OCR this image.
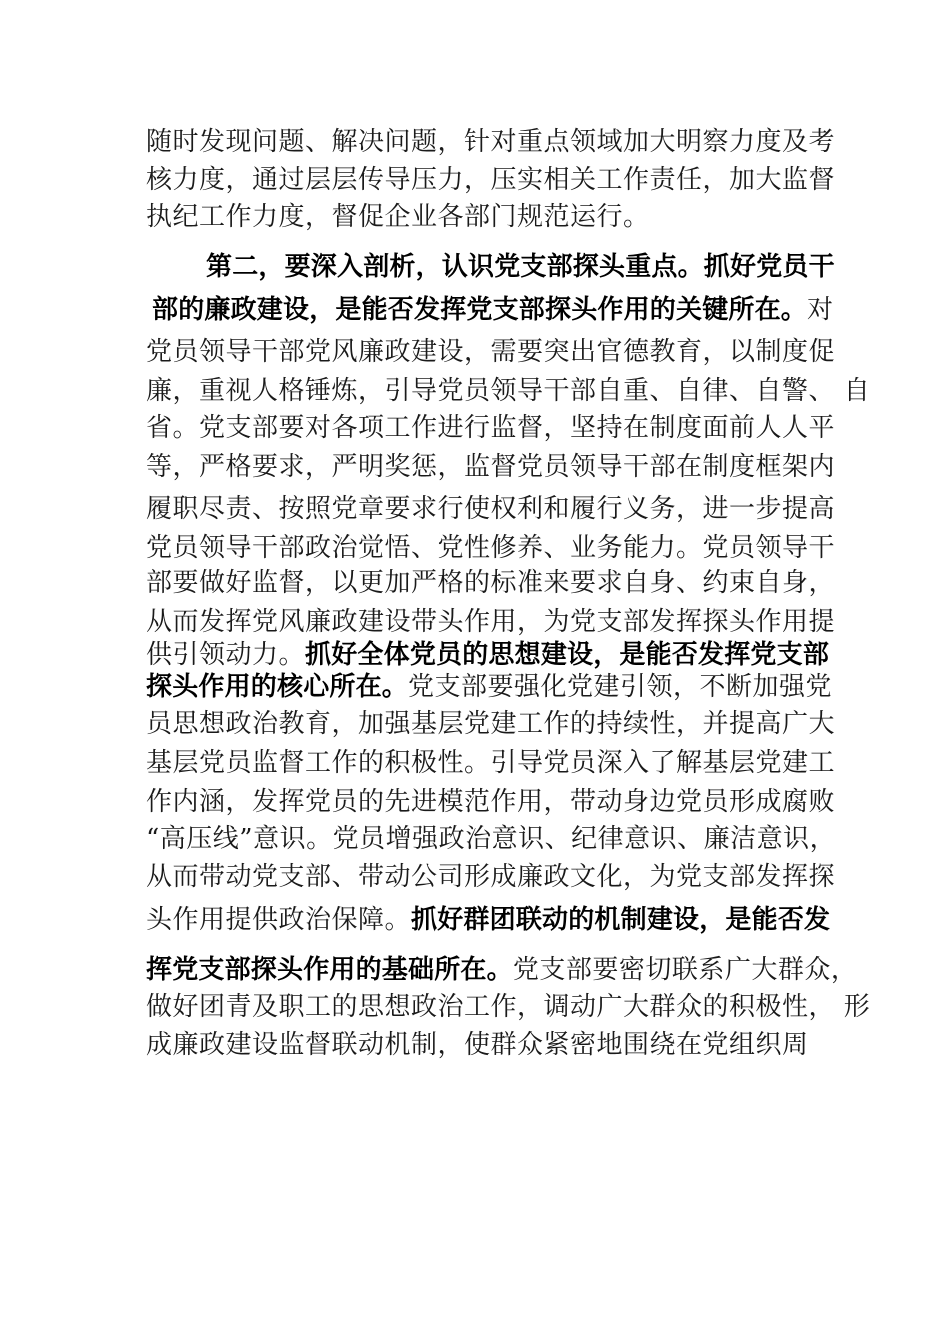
随时发现问题、解决问题，针对重点领域加大明察力度及考
核力度，通过层层传导压力，压实相关工作责任，加大监督
执纪工作力度，督促企业各部门规范运行。
第二，要深入剖析，认识党支部探头重点。抓好党员干
部的廉政建设，是能否发挥党支部探头作用的关键所在。对
党员领导干部党风廉政建设，需要突出官德教育，以制度促
廉，重视人格锤炼，引导党员领导干部自重、自律、自警、 自
省。党支部要对各项工作进行监督，坚持在制度面前人人平
等，严格要求，严明奖惩，监督党员领导干部在制度框架内
履职尽责、按照党章要求行使权利和履行义务，进一步提高
党员领导干部政治觉悟、党性修养、业务能力。党员领导干
部要做好监督，以更加严格的标准来要求自身、约束自身，
从而发挥党风廉政建设带头作用，为党支部发挥探头作用提
供引领动力。抓好全体党员的思想建设，是能否发挥党支部
探头作用的核心所在。党支部要强化党建引领，不断加强党
员思想政治教育，加强基层党建工作的持续性，并提高广大
基层党员监督工作的积极性。引导党员深入了解基层党建工
作内涵，发挥党员的先进模范作用，带动身边党员形成腐败
“高压线”意识。党员增强政治意识、纪律意识、廉洁意识，
从而带动党支部、带动公司形成廉政文化，为党支部发挥探
头作用提供政治保障。抓好群团联动的机制建设，是能否发
挥党支部探头作用的基础所在。党支部要密切联系广大群众，
做好团青及职工的思想政治工作，调动广大群众的积极性， 形
成廉政建设监督联动机制，使群众紧密地围绕在党组织周
